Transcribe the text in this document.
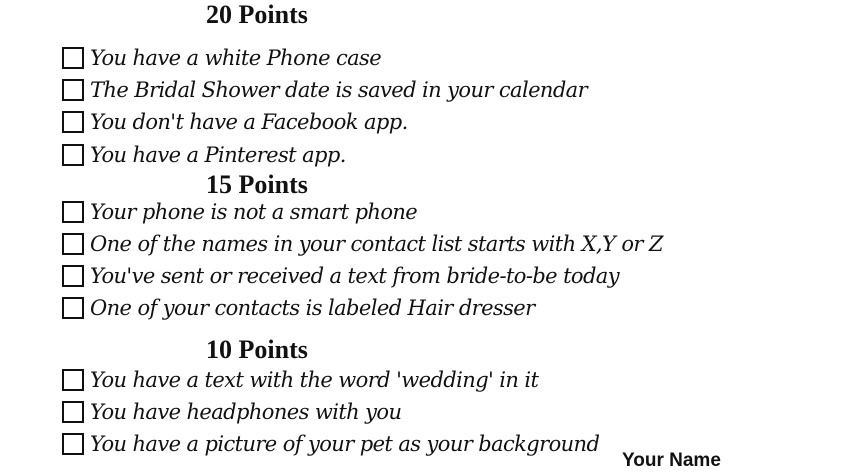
20 Points
You have a white Phone case
The Bridal Shower date is saved in your calendar
You don't have a Facebook app.
You have a Pinterest app.
15 Points
Your phone is not a smart phone
One of the names in your contact list starts with X,Y or Z
You've sent or received a text from bride-to-be today
One of your contacts is labeled Hair dresser
10 Points
You have a text with the word 'wedding' in it
You have headphones with you
You have a picture of your pet as your background
Your Name
